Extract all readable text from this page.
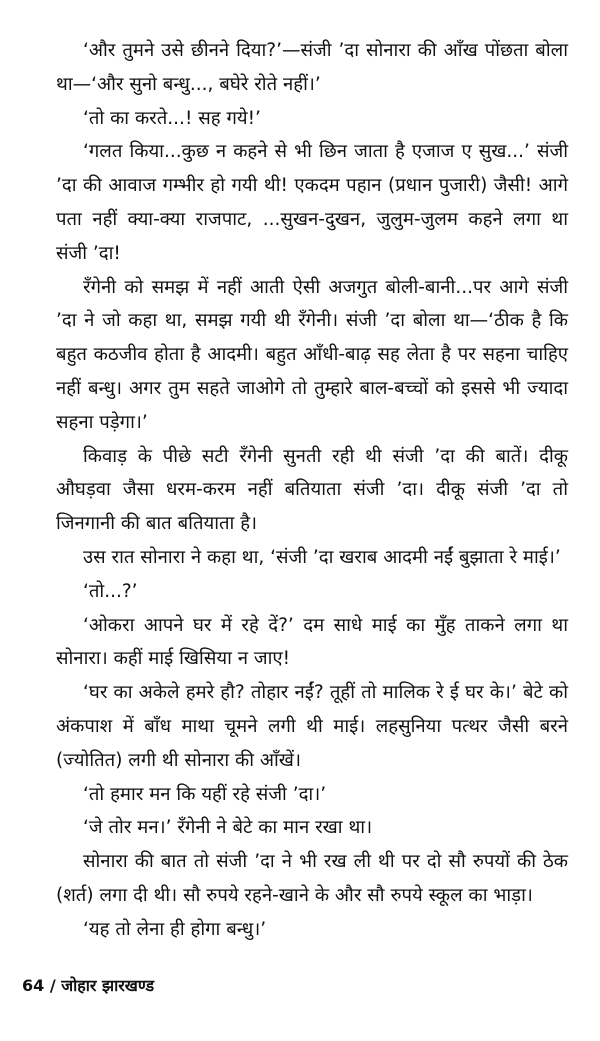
‘और तुमने उसे छीनने दिया?’—संजी ’दा सोनारा की आँख पोंछता बोला था—‘और सुनो बन्धु..., बघेरे रोते नहीं।’

‘तो का करते...! सह गये!’

‘गलत किया...कुछ न कहने से भी छिन जाता है एजाज ए सुख...’ संजी ’दा की आवाज गम्भीर हो गयी थी! एकदम पहान (प्रधान पुजारी) जैसी! आगे पता नहीं क्या-क्या राजपाट, ...सुखन-दुखन, जुलुम-जुलम कहने लगा था संजी ’दा!

रँगेनी को समझ में नहीं आती ऐसी अजगुत बोली-बानी...पर आगे संजी ’दा ने जो कहा था, समझ गयी थी रँगेनी। संजी ’दा बोला था—‘ठीक है कि बहुत कठजीव होता है आदमी। बहुत आँधी-बाढ़ सह लेता है पर सहना चाहिए नहीं बन्धु। अगर तुम सहते जाओगे तो तुम्हारे बाल-बच्चों को इससे भी ज्यादा सहना पड़ेगा।’

किवाड़ के पीछे सटी रँगेनी सुनती रही थी संजी ’दा की बातें। दीकू औघड़वा जैसा धरम-करम नहीं बतियाता संजी ’दा। दीकू संजी ’दा तो जिनगानी की बात बतियाता है।

उस रात सोनारा ने कहा था, ‘संजी ’दा खराब आदमी नईं बुझाता रे माई।’

‘तो...?’

‘ओकरा आपने घर में रहे दें?’ दम साधे माई का मुँह ताकने लगा था सोनारा। कहीं माई खिसिया न जाए!

‘घर का अकेले हमरे हौ? तोहार नईं? तूहीं तो मालिक रे ई घर के।’ बेटे को अंकपाश में बाँध माथा चूमने लगी थी माई। लहसुनिया पत्थर जैसी बरने (ज्योतित) लगी थी सोनारा की आँखें।

‘तो हमार मन कि यहीं रहे संजी ’दा।’

‘जे तोर मन।’ रँगेनी ने बेटे का मान रखा था।

सोनारा की बात तो संजी ’दा ने भी रख ली थी पर दो सौ रुपयों की ठेक (शर्त) लगा दी थी। सौ रुपये रहने-खाने के और सौ रुपये स्कूल का भाड़ा।

‘यह तो लेना ही होगा बन्धु।’

64 / जोहार झारखण्ड
